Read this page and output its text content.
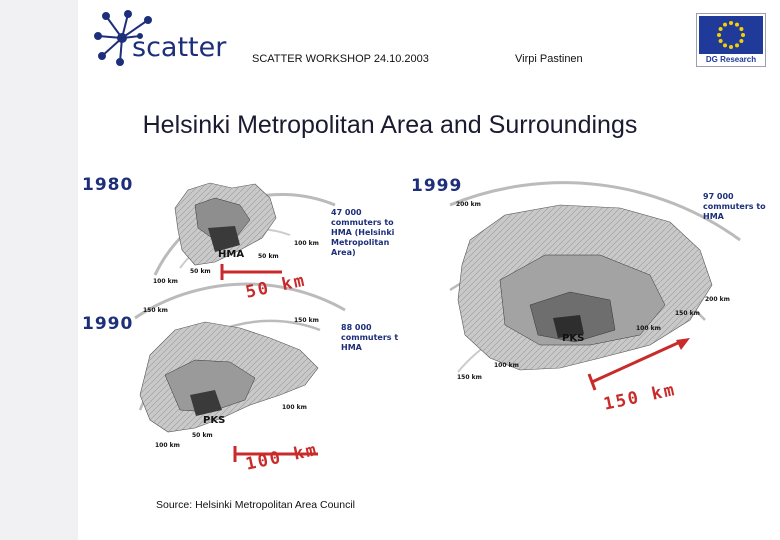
scatter SCATTER WORKSHOP 24.10.2003	Virpi Pastinen	DG Research
Helsinki Metropolitan Area and Surroundings
1980
1990
1999
47 000
commuters to
HMA (Helsinki
Metropolitan
Area)
88 000
commuters t
HMA
97 000
commuters to
HMA
HMA
PKS
PKS
50 km
100 km
50 km
100 km
150 km
150 km
100 km
50 km
100 km
200 km
200 km
150 km
100 km
150 km
100 km
50 km
100 km
150 km
Source: Helsinki Metropolitan Area Council
